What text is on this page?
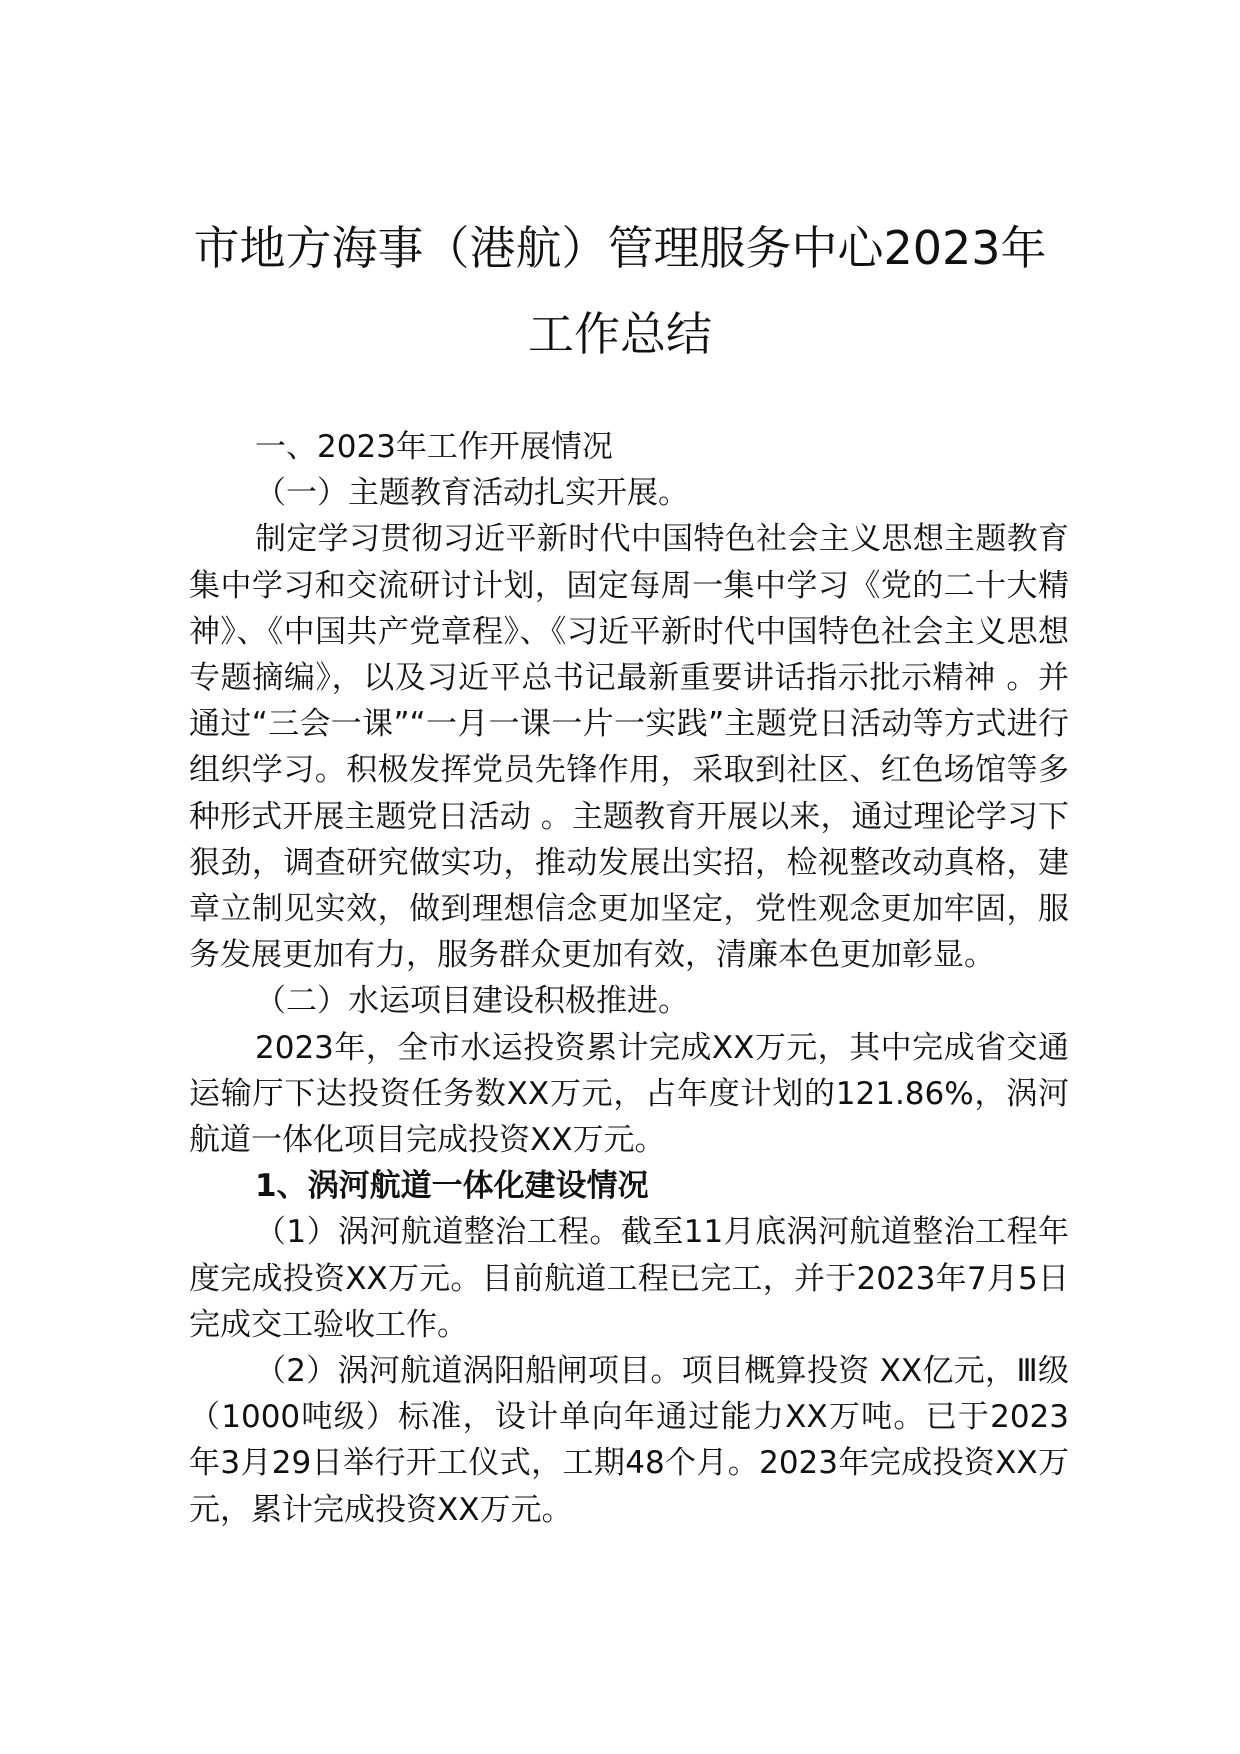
市地方海事（港航）管理服务中心2023年
工作总结

一、2023年工作开展情况

（一）主题教育活动扎实开展。

制定学习贯彻习近平新时代中国特色社会主义思想主题教育集中学习和交流研讨计划，固定每周一集中学习《党的二十大精神》、《中国共产党章程》、《习近平新时代中国特色社会主义思想专题摘编》，以及习近平总书记最新重要讲话指示批示精神 。并通过“三会一课”“一月一课一片一实践”主题党日活动等方式进行组织学习。积极发挥党员先锋作用，采取到社区、红色场馆等多种形式开展主题党日活动 。主题教育开展以来，通过理论学习下狠劲，调查研究做实功，推动发展出实招，检视整改动真格，建章立制见实效，做到理想信念更加坚定，党性观念更加牢固，服务发展更加有力，服务群众更加有效，清廉本色更加彰显。

（二）水运项目建设积极推进。

2023年，全市水运投资累计完成XX万元，其中完成省交通运输厅下达投资任务数XX万元，占年度计划的121.86%，涡河航道一体化项目完成投资XX万元。

1、涡河航道一体化建设情况

（1）涡河航道整治工程。截至11月底涡河航道整治工程年度完成投资XX万元。目前航道工程已完工，并于2023年7月5日完成交工验收工作。

（2）涡河航道涡阳船闸项目。项目概算投资 XX亿元，Ⅲ级（1000吨级）标准，设计单向年通过能力XX万吨。已于2023年3月29日举行开工仪式，工期48个月。2023年完成投资XX万元，累计完成投资XX万元。
